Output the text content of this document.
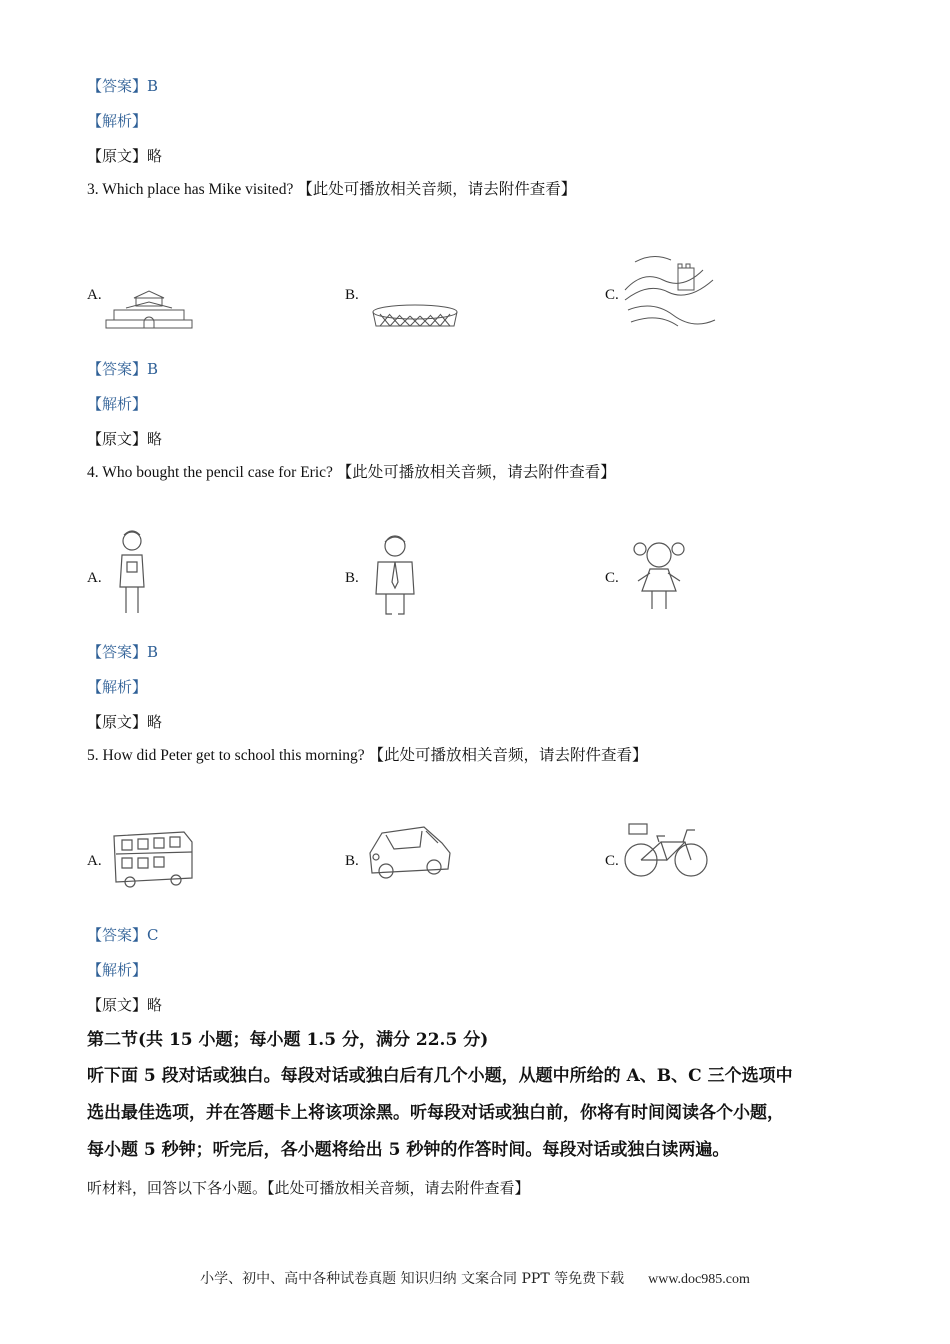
【答案】B
【解析】
【原文】略
3. Which place has Mike visited? 【此处可播放相关音频，请去附件查看】
A.	B.	C.
【答案】B
【解析】
【原文】略
4. Who bought the pencil case for Eric? 【此处可播放相关音频，请去附件查看】
A.	B.	C.
【答案】B
【解析】
【原文】略
5. How did Peter get to school this morning? 【此处可播放相关音频，请去附件查看】
A.	B.	C.
【答案】C
【解析】
【原文】略
第二节(共 15 小题；每小题 1.5 分，满分 22.5 分)
听下面 5 段对话或独白。每段对话或独白后有几个小题，从题中所给的 A、B、C 三个选项中
选出最佳选项，并在答题卡上将该项涂黑。听每段对话或独白前，你将有时间阅读各个小题，
每小题 5 秒钟；听完后，各小题将给出 5 秒钟的作答时间。每段对话或独白读两遍。
听材料，回答以下各小题。【此处可播放相关音频，请去附件查看】
小学、初中、高中各种试卷真题 知识归纳 文案合同 PPT 等免费下载 www.doc985.com
